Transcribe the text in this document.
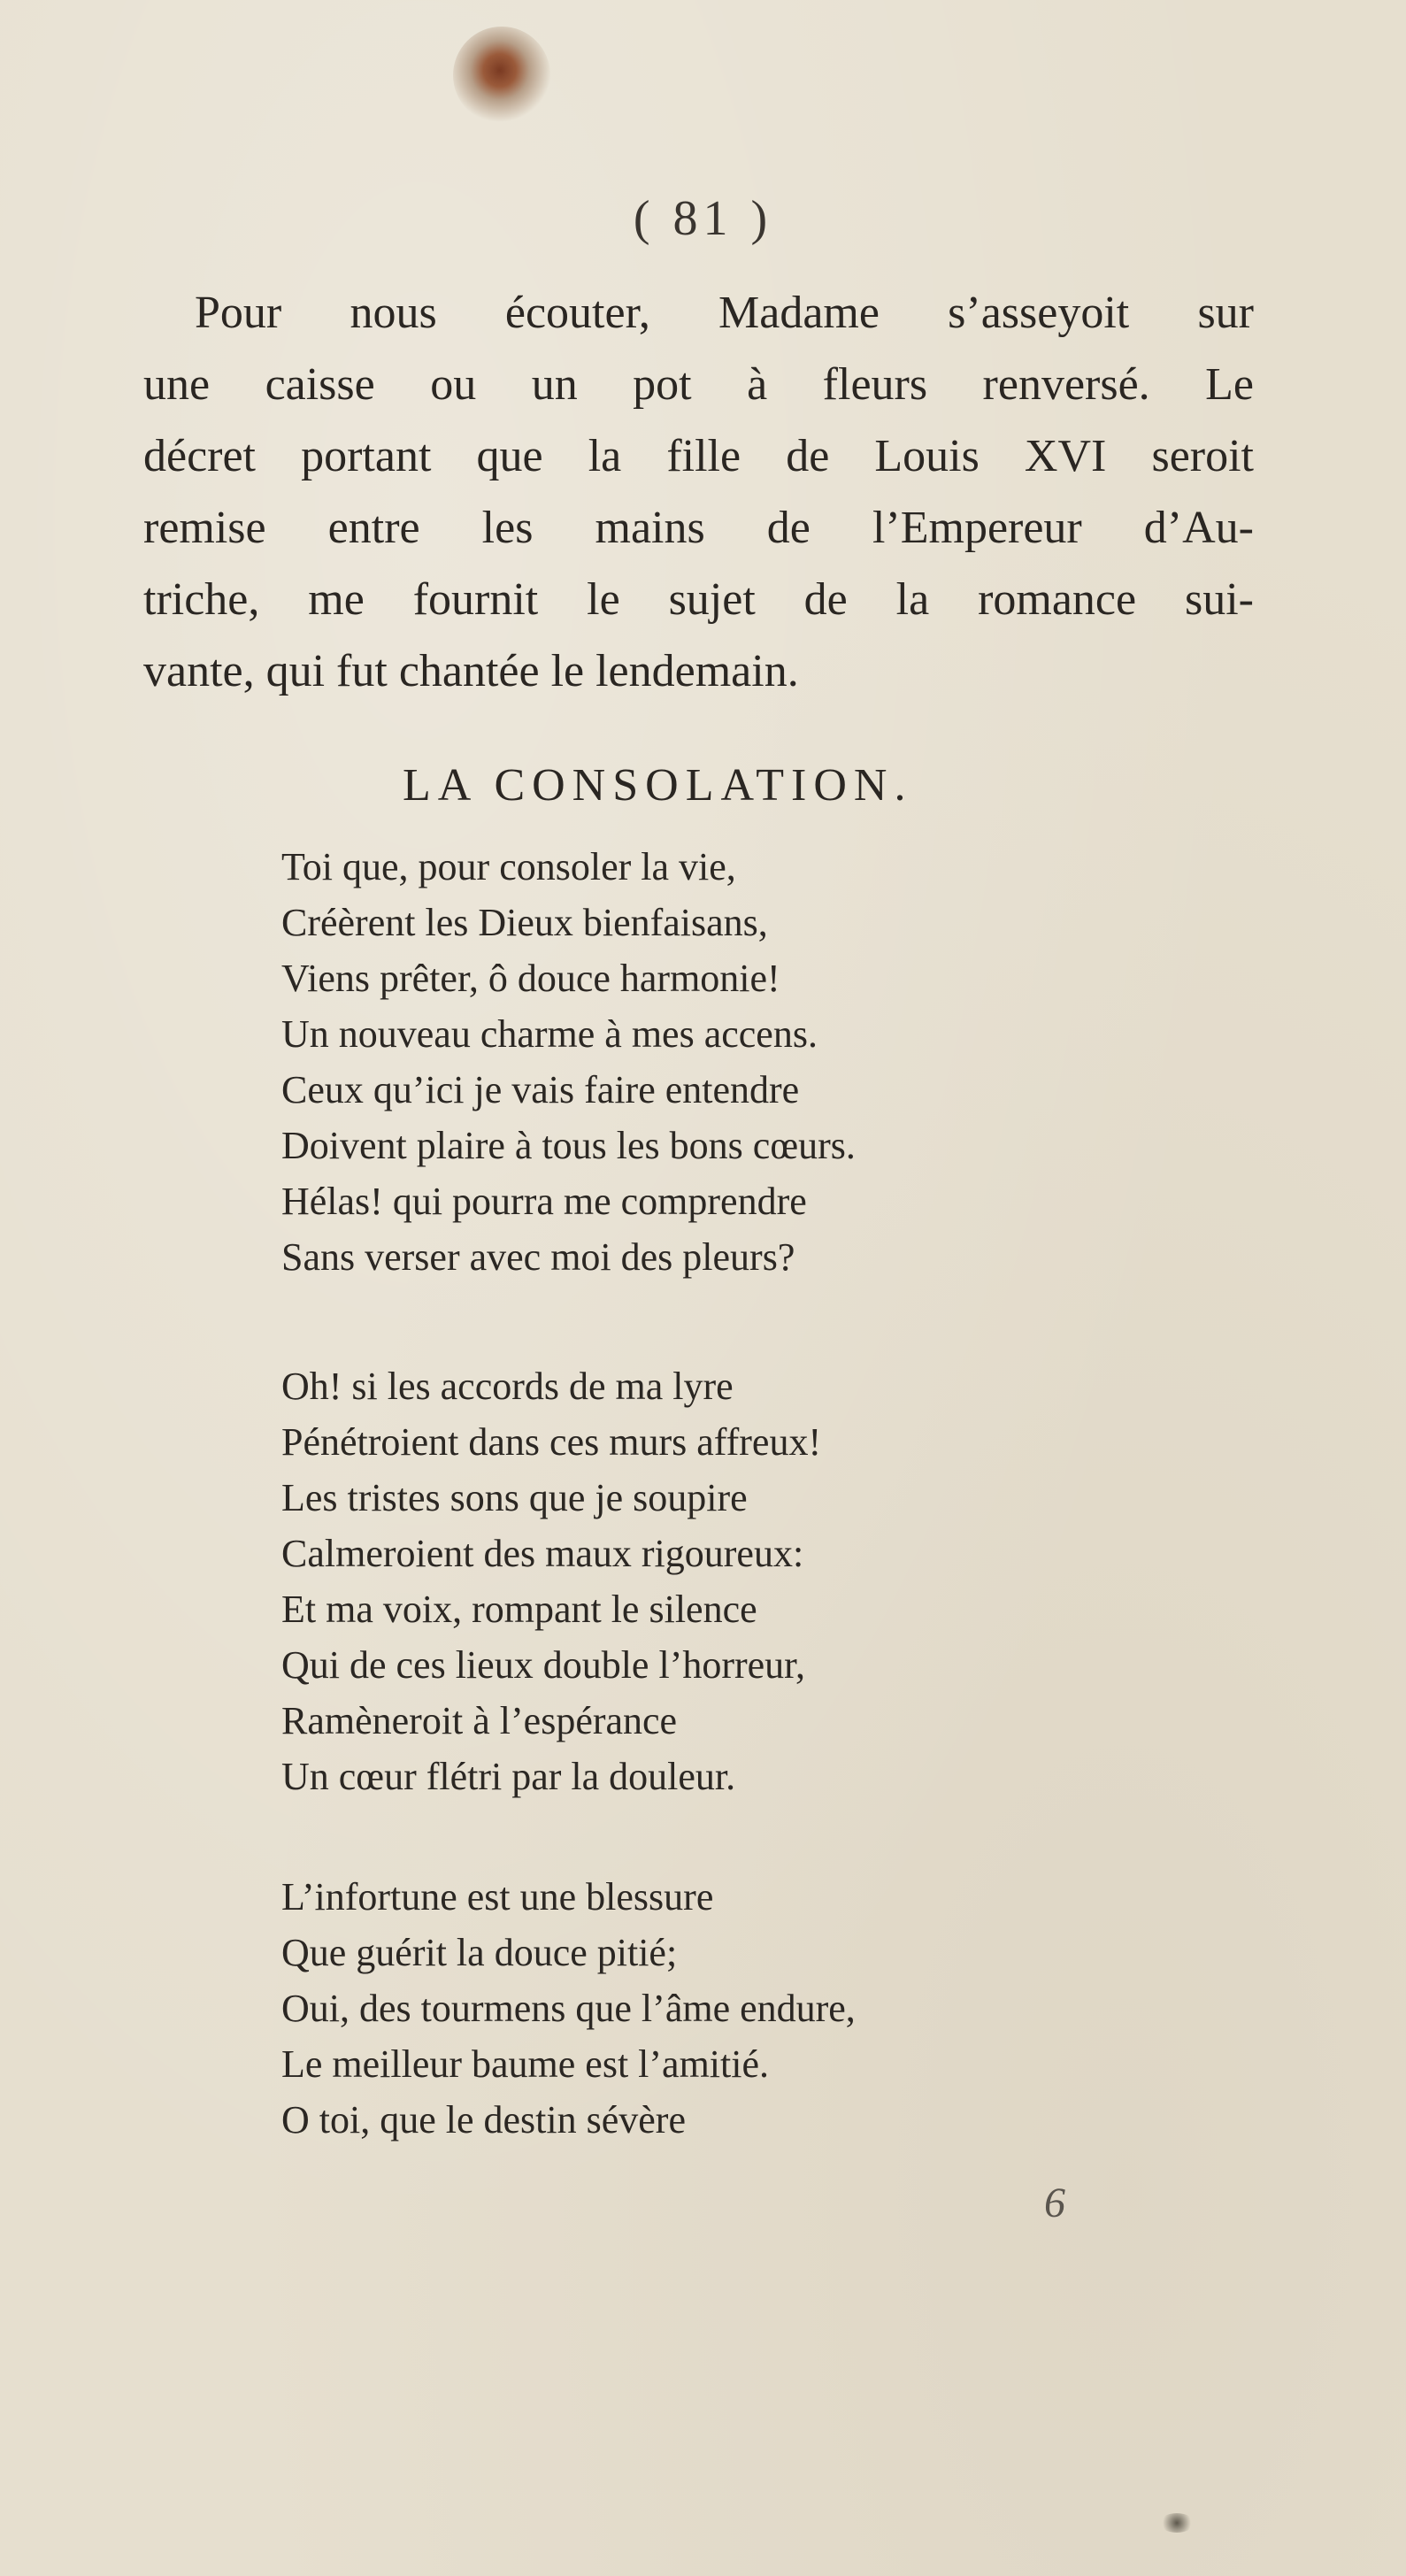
( 81 )
Pour nous écouter, Madame s’asseyoit sur
une caisse ou un pot à fleurs renversé. Le
décret portant que la fille de Louis XVI seroit
remise entre les mains de l’Empereur d’Au-
triche, me fournit le sujet de la romance sui-
vante, qui fut chantée le lendemain.
LA CONSOLATION.
Toi que, pour consoler la vie,
Créèrent les Dieux bienfaisans,
Viens prêter, ô douce harmonie!
Un nouveau charme à mes accens.
Ceux qu’ici je vais faire entendre
Doivent plaire à tous les bons cœurs.
Hélas! qui pourra me comprendre
Sans verser avec moi des pleurs?
Oh! si les accords de ma lyre
Pénétroient dans ces murs affreux!
Les tristes sons que je soupire
Calmeroient des maux rigoureux:
Et ma voix, rompant le silence
Qui de ces lieux double l’horreur,
Ramèneroit à l’espérance
Un cœur flétri par la douleur.
L’infortune est une blessure
Que guérit la douce pitié;
Oui, des tourmens que l’âme endure,
Le meilleur baume est l’amitié.
O toi, que le destin sévère
6
